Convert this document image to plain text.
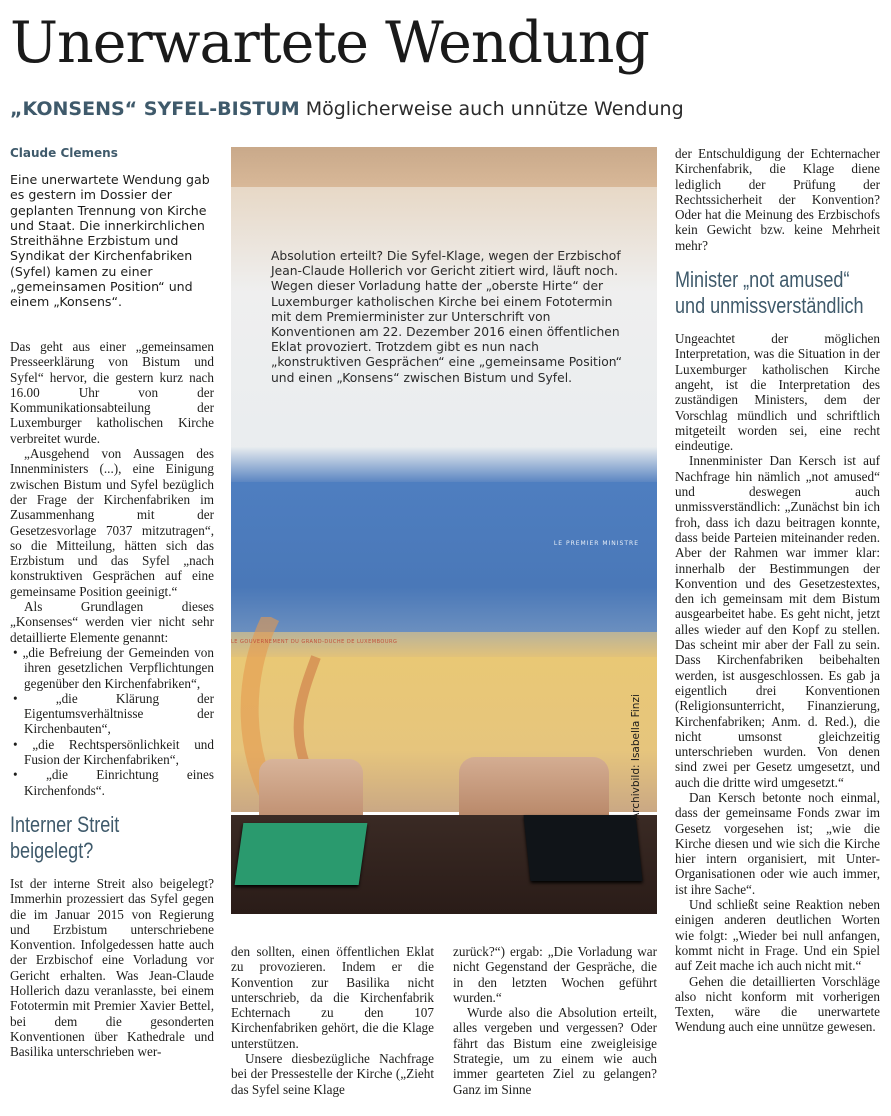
Unerwartete Wendung
„KONSENS“ SYFEL-BISTUM Möglicherweise auch unnütze Wendung
Claude Clemens
Eine unerwartete Wendung gab es gestern im Dossier der geplanten Trennung von Kirche und Staat. Die innerkirchlichen Streithähne Erzbistum und Syndikat der Kirchenfabriken (Syfel) kamen zu einer „gemeinsamen Position“ und einem „Konsens“.

Das geht aus einer „gemeinsamen Presseerklärung von Bistum und Syfel“ hervor, die gestern kurz nach 16.00 Uhr von der Kommunikationsabteilung der Luxemburger katholischen Kirche verbreitet wurde.

„Ausgehend von Aussagen des Innenministers (...), eine Einigung zwischen Bistum und Syfel bezüglich der Frage der Kirchenfabriken im Zusammenhang mit der Gesetzesvorlage 7037 mitzutragen“, so die Mitteilung, hätten sich das Erzbistum und das Syfel „nach konstruktiven Gesprächen auf eine gemeinsame Position geeinigt.“

Als Grundlagen dieses „Konsenses“ werden vier nicht sehr detaillierte Elemente genannt:

• „die Befreiung der Gemeinden von ihren gesetzlichen Verpflichtungen gegenüber den Kirchenfabriken“,

• „die Klärung der Eigentumsverhältnisse der Kirchenbauten“,

• „die Rechtspersönlichkeit und Fusion der Kirchenfabriken“,

• „die Einrichtung eines Kirchenfonds“.

Interner Streit
beigelegt?

Ist der interne Streit also beigelegt? Immerhin prozessiert das Syfel gegen die im Januar 2015 von Regierung und Erzbistum unterschriebene Konvention. Infolgedessen hatte auch der Erzbischof eine Vorladung vor Gericht erhalten. Was Jean-Claude Hollerich dazu veranlasste, bei einem Fototermin mit Premier Xavier Bettel, bei dem die gesonderten Konventionen über Kathedrale und Basilika unterschrieben wer-

LE PREMIER MINISTRE
LE GOUVERNEMENT DU GRAND-DUCHÉ DE LUXEMBOURG
Absolution erteilt? Die Syfel-Klage, wegen der Erzbischof Jean-Claude Hollerich vor Gericht zitiert wird, läuft noch. Wegen dieser Vorladung hatte der „oberste Hirte“ der Luxemburger katholischen Kirche bei einem Fototermin mit dem Premierminister zur Unterschrift von Konventionen am 22. Dezember 2016 einen öffentlichen Eklat provoziert. Trotzdem gibt es nun nach „konstruktiven Gesprächen“ eine „gemeinsame Position“ und einen „Konsens“ zwischen Bistum und Syfel.
Archivbild: Isabella Finzi

den sollten, einen öffentlichen Eklat zu provozieren. Indem er die Konvention zur Basilika nicht unterschrieb, da die Kirchenfabrik Echternach zu den 107 Kirchenfabriken gehört, die die Klage unterstützen.

Unsere diesbezügliche Nachfrage bei der Pressestelle der Kirche („Zieht das Syfel seine Klage

zurück?“) ergab: „Die Vorladung war nicht Gegenstand der Gespräche, die in den letzten Wochen geführt wurden.“

Wurde also die Absolution erteilt, alles vergeben und vergessen? Oder fährt das Bistum eine zweigleisige Strategie, um zu einem wie auch immer gearteten Ziel zu gelangen? Ganz im Sinne

der Entschuldigung der Echternacher Kirchenfabrik, die Klage diene lediglich der Prüfung der Rechtssicherheit der Konvention? Oder hat die Meinung des Erzbischofs kein Gewicht bzw. keine Mehrheit mehr?

Minister „not amused“
und unmissverständlich

Ungeachtet der möglichen Interpretation, was die Situation in der Luxemburger katholischen Kirche angeht, ist die Interpretation des zuständigen Ministers, dem der Vorschlag mündlich und schriftlich mitgeteilt worden sei, eine recht eindeutige.

Innenminister Dan Kersch ist auf Nachfrage hin nämlich „not amused“ und deswegen auch unmissverständlich: „Zunächst bin ich froh, dass ich dazu beitragen konnte, dass beide Parteien miteinander reden. Aber der Rahmen war immer klar: innerhalb der Bestimmungen der Konvention und des Gesetzestextes, den ich gemeinsam mit dem Bistum ausgearbeitet habe. Es geht nicht, jetzt alles wieder auf den Kopf zu stellen. Das scheint mir aber der Fall zu sein. Dass Kirchenfabriken beibehalten werden, ist ausgeschlossen. Es gab ja eigentlich drei Konventionen (Religionsunterricht, Finanzierung, Kirchenfabriken; Anm. d. Red.), die nicht umsonst gleichzeitig unterschrieben wurden. Von denen sind zwei per Gesetz umgesetzt, und auch die dritte wird umgesetzt.“

Dan Kersch betonte noch einmal, dass der gemeinsame Fonds zwar im Gesetz vorgesehen ist; „wie die Kirche diesen und wie sich die Kirche hier intern organisiert, mit Unter-Organisationen oder wie auch immer, ist ihre Sache“.

Und schließt seine Reaktion neben einigen anderen deutlichen Worten wie folgt: „Wieder bei null anfangen, kommt nicht in Frage. Und ein Spiel auf Zeit mache ich auch nicht mit.“

Gehen die detaillierten Vorschläge also nicht konform mit vorherigen Texten, wäre die unerwartete Wendung auch eine unnütze gewesen.
